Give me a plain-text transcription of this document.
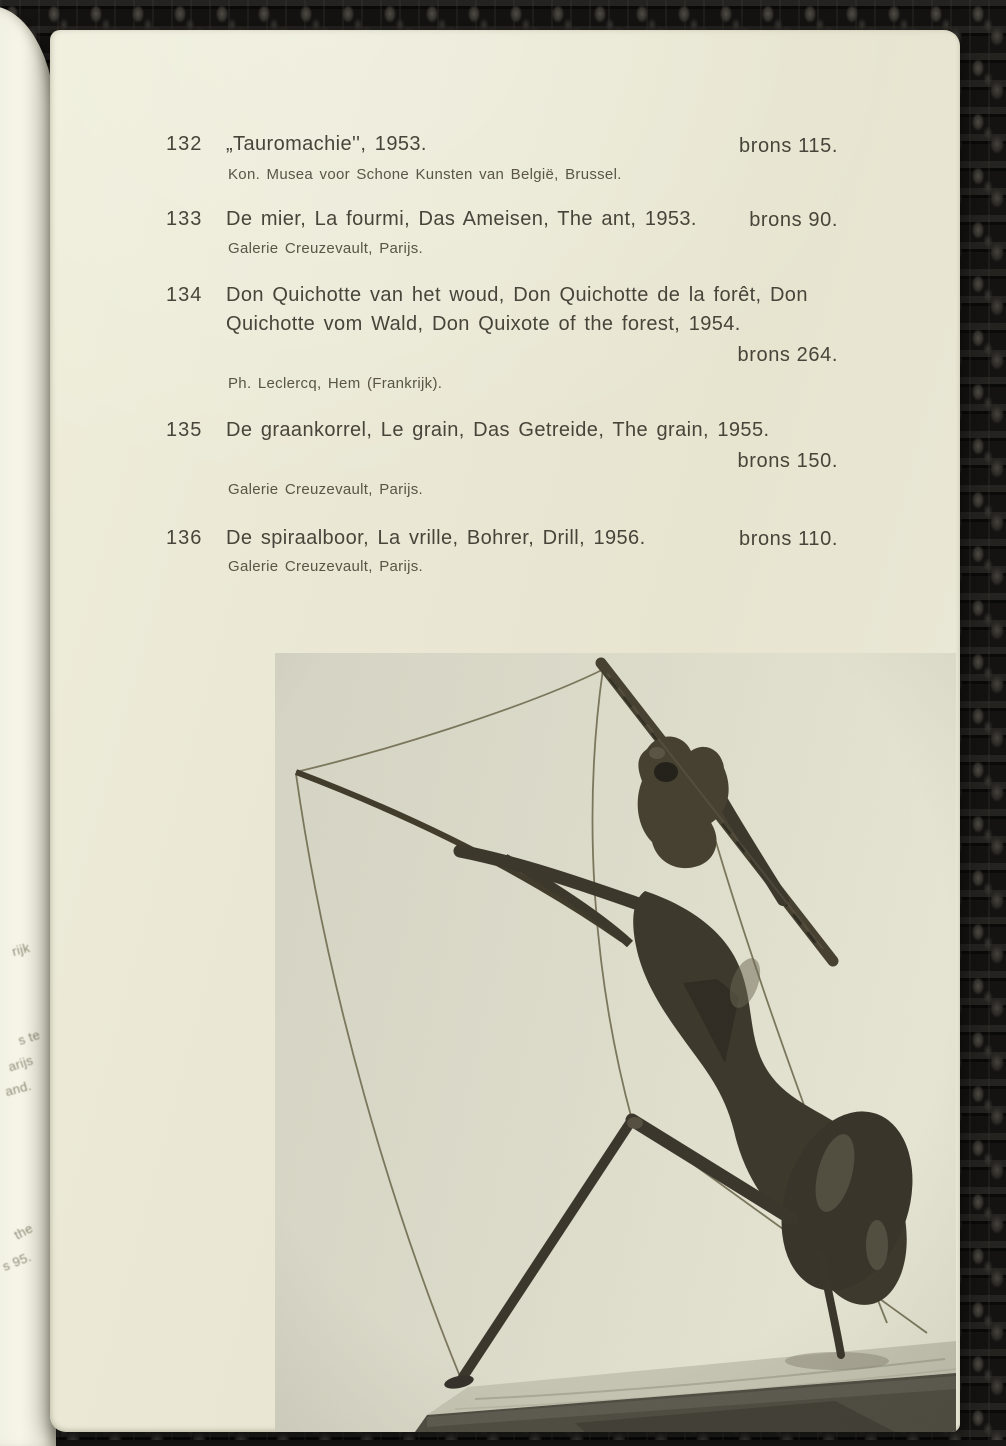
rijk
s te
arijs
and.
the
s 95.
132 „Tauromachie'', 1953.	brons 115.
Kon. Musea voor Schone Kunsten van België, Brussel.
133 De mier, La fourmi, Das Ameisen, The ant, 1953.	brons 90.
Galerie Creuzevault, Parijs.
134 Don Quichotte van het woud, Don Quichotte de la forêt, Don
Quichotte vom Wald, Don Quixote of the forest, 1954.
brons 264.
Ph. Leclercq, Hem (Frankrijk).
135 De graankorrel, Le grain, Das Getreide, The grain, 1955.
brons 150.
Galerie Creuzevault, Parijs.
136 De spiraalboor, La vrille, Bohrer, Drill, 1956.	brons 110.
Galerie Creuzevault, Parijs.
